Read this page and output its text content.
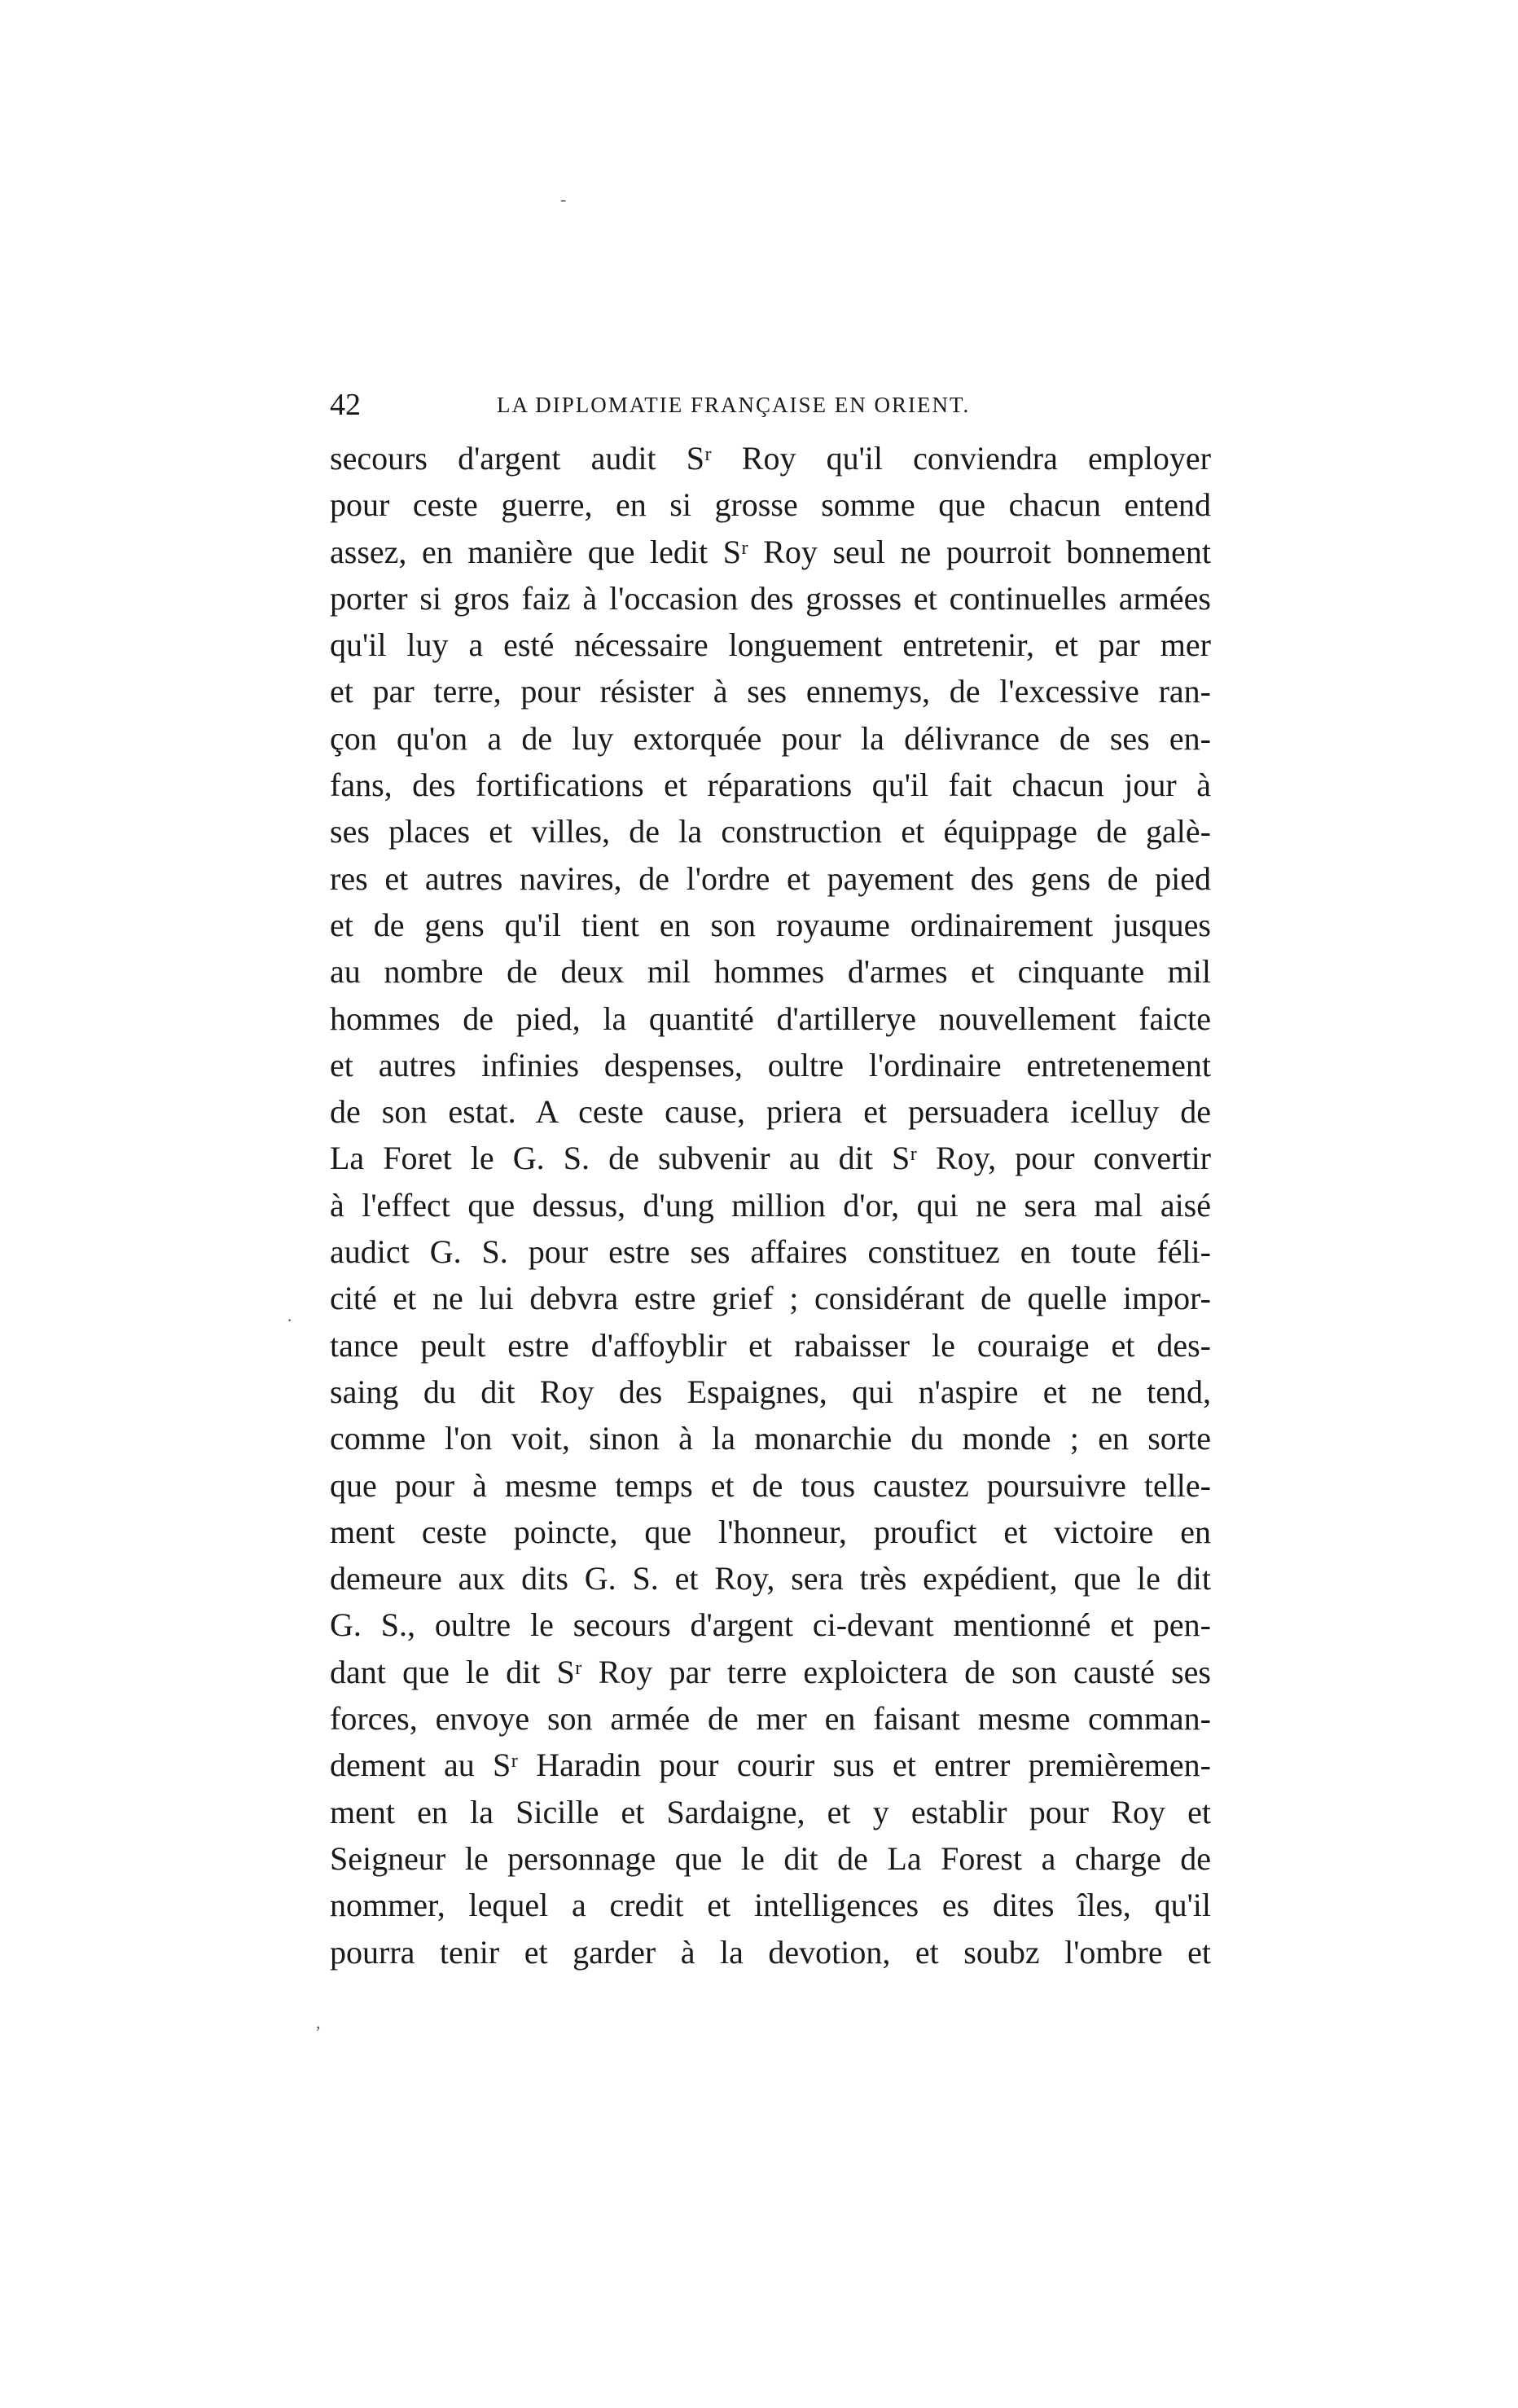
-
42	LA DIPLOMATIE FRANÇAISE EN ORIENT.
secours d'argent audit Sʳ Roy qu'il conviendra employer
pour ceste guerre, en si grosse somme que chacun entend
assez, en manière que ledit Sʳ Roy seul ne pourroit bonnement
porter si gros faiz à l'occasion des grosses et continuelles armées
qu'il luy a esté nécessaire longuement entretenir, et par mer
et par terre, pour résister à ses ennemys, de l'excessive ran-
çon qu'on a de luy extorquée pour la délivrance de ses en-
fans, des fortifications et réparations qu'il fait chacun jour à
ses places et villes, de la construction et équippage de galè-
res et autres navires, de l'ordre et payement des gens de pied
et de gens qu'il tient en son royaume ordinairement jusques
au nombre de deux mil hommes d'armes et cinquante mil
hommes de pied, la quantité d'artillerye nouvellement faicte
et autres infinies despenses, oultre l'ordinaire entretenement
de son estat. A ceste cause, priera et persuadera icelluy de
La Foret le G. S. de subvenir au dit Sʳ Roy, pour convertir
à l'effect que dessus, d'ung million d'or, qui ne sera mal aisé
audict G. S. pour estre ses affaires constituez en toute féli-
cité et ne lui debvra estre grief ; considérant de quelle impor-
tance peult estre d'affoyblir et rabaisser le couraige et des-
saing du dit Roy des Espaignes, qui n'aspire et ne tend,
comme l'on voit, sinon à la monarchie du monde ; en sorte
que pour à mesme temps et de tous caustez poursuivre telle-
ment ceste poincte, que l'honneur, proufict et victoire en
demeure aux dits G. S. et Roy, sera très expédient, que le dit
G. S., oultre le secours d'argent ci-devant mentionné et pen-
dant que le dit Sʳ Roy par terre exploictera de son causté ses
forces, envoye son armée de mer en faisant mesme comman-
dement au Sʳ Haradin pour courir sus et entrer premièremen-
ment en la Sicille et Sardaigne, et y establir pour Roy et
Seigneur le personnage que le dit de La Forest a charge de
nommer, lequel a credit et intelligences es dites îles, qu'il
pourra tenir et garder à la devotion, et soubz l'ombre et
·
,
